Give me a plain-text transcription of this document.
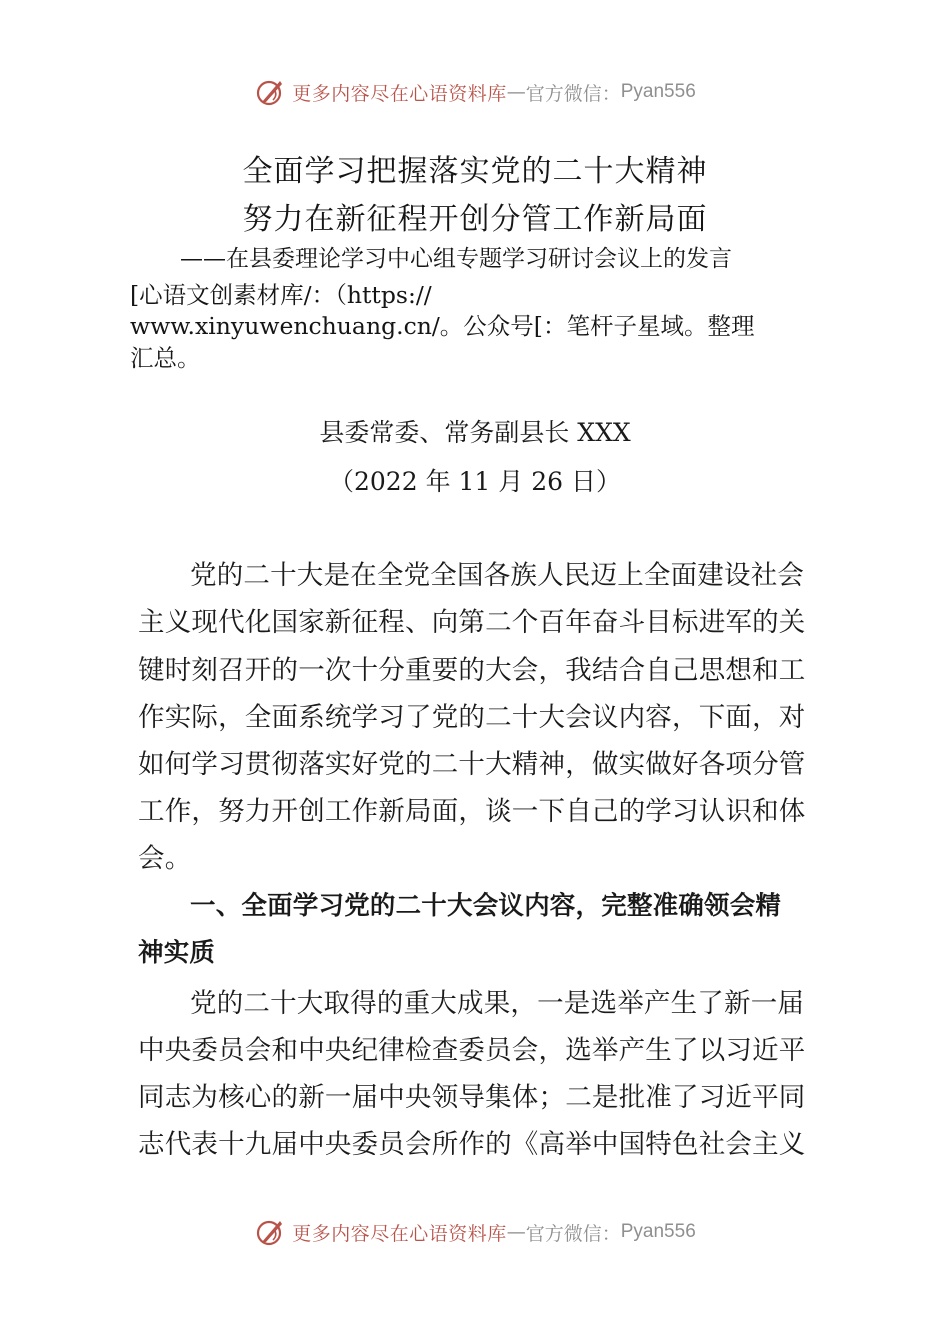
更多内容尽在心语资料库 — 官方微信： Pyan556
全面学习把握落实党的二十大精神
努力在新征程开创分管工作新局面
——在县委理论学习中心组专题学习研讨会议上的发言
[心语文创素材库/：（https://
www.xinyuwenchuang.cn/。公众号[：笔杆子星域。整理
汇总。
县委常委、常务副县长 XXX
（2022 年 11 月 26 日）
党的二十大是在全党全国各族人民迈上全面建设社会
主义现代化国家新征程、向第二个百年奋斗目标进军的关
键时刻召开的一次十分重要的大会，我结合自己思想和工
作实际，全面系统学习了党的二十大会议内容，下面，对
如何学习贯彻落实好党的二十大精神，做实做好各项分管
工作，努力开创工作新局面，谈一下自己的学习认识和体
会。
一、全面学习党的二十大会议内容，完整准确领会精
神实质
党的二十大取得的重大成果，一是选举产生了新一届
中央委员会和中央纪律检查委员会，选举产生了以习近平
同志为核心的新一届中央领导集体；二是批准了习近平同
志代表十九届中央委员会所作的《高举中国特色社会主义
更多内容尽在心语资料库 — 官方微信： Pyan556
